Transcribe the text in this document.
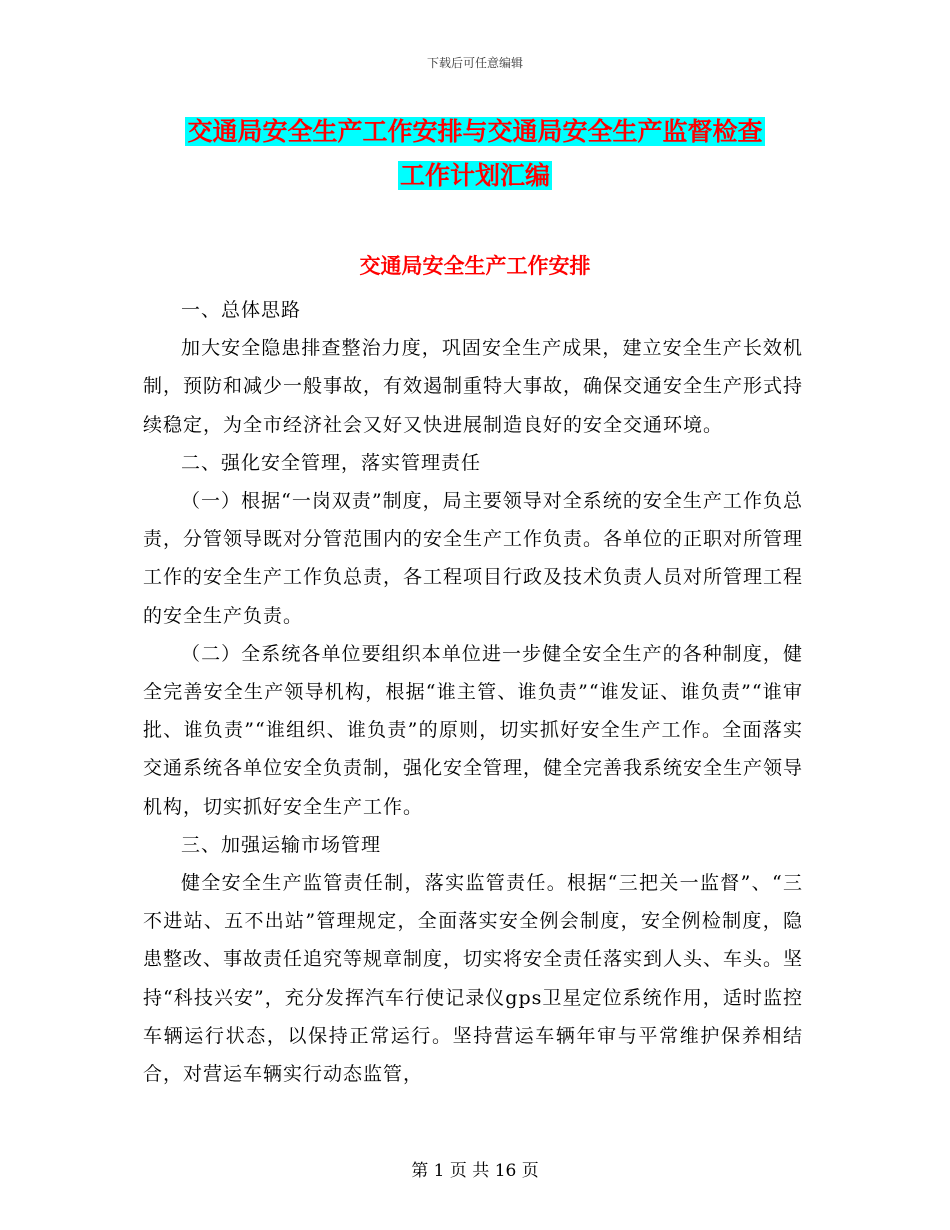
下载后可任意编辑
交通局安全生产工作安排与交通局安全生产监督检查
工作计划汇编
交通局安全生产工作安排

一、总体思路

加大安全隐患排查整治力度，巩固安全生产成果，建立安全生产长效机制，预防和减少一般事故，有效遏制重特大事故，确保交通安全生产形式持续稳定，为全市经济社会又好又快进展制造良好的安全交通环境。

二、强化安全管理，落实管理责任

（一）根据“一岗双责”制度，局主要领导对全系统的安全生产工作负总责，分管领导既对分管范围内的安全生产工作负责。各单位的正职对所管理工作的安全生产工作负总责，各工程项目行政及技术负责人员对所管理工程的安全生产负责。

（二）全系统各单位要组织本单位进一步健全安全生产的各种制度，健全完善安全生产领导机构，根据“谁主管、谁负责”“谁发证、谁负责”“谁审批、谁负责”“谁组织、谁负责”的原则，切实抓好安全生产工作。全面落实交通系统各单位安全负责制，强化安全管理，健全完善我系统安全生产领导机构，切实抓好安全生产工作。

三、加强运输市场管理

健全安全生产监管责任制，落实监管责任。根据“三把关一监督”、“三不进站、五不出站”管理规定，全面落实安全例会制度，安全例检制度，隐患整改、事故责任追究等规章制度，切实将安全责任落实到人头、车头。坚持“科技兴安”，充分发挥汽车行使记录仪gps卫星定位系统作用，适时监控车辆运行状态，以保持正常运行。坚持营运车辆年审与平常维护保养相结合，对营运车辆实行动态监管，

第 1 页 共 16 页
